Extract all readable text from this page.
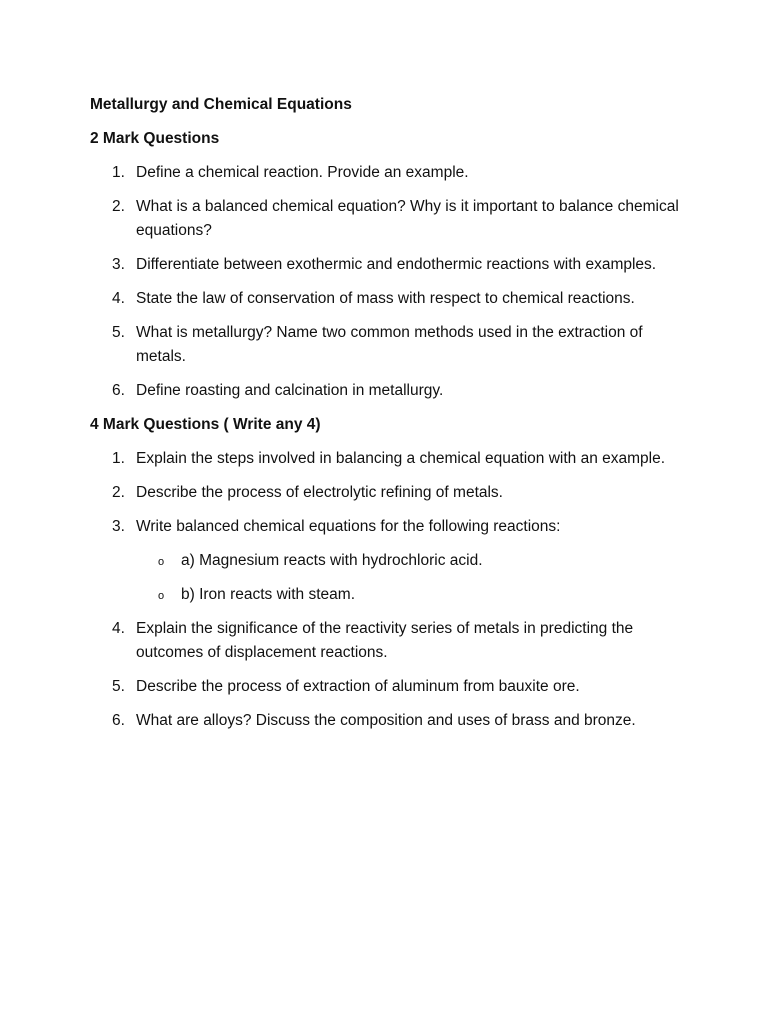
Metallurgy and Chemical Equations
2 Mark Questions
1. Define a chemical reaction. Provide an example.
2. What is a balanced chemical equation? Why is it important to balance chemical equations?
3. Differentiate between exothermic and endothermic reactions with examples.
4. State the law of conservation of mass with respect to chemical reactions.
5. What is metallurgy? Name two common methods used in the extraction of metals.
6. Define roasting and calcination in metallurgy.
4 Mark Questions ( Write any 4)
1. Explain the steps involved in balancing a chemical equation with an example.
2. Describe the process of electrolytic refining of metals.
3. Write balanced chemical equations for the following reactions:
o a) Magnesium reacts with hydrochloric acid.
o b) Iron reacts with steam.
4. Explain the significance of the reactivity series of metals in predicting the outcomes of displacement reactions.
5. Describe the process of extraction of aluminum from bauxite ore.
6. What are alloys? Discuss the composition and uses of brass and bronze.
